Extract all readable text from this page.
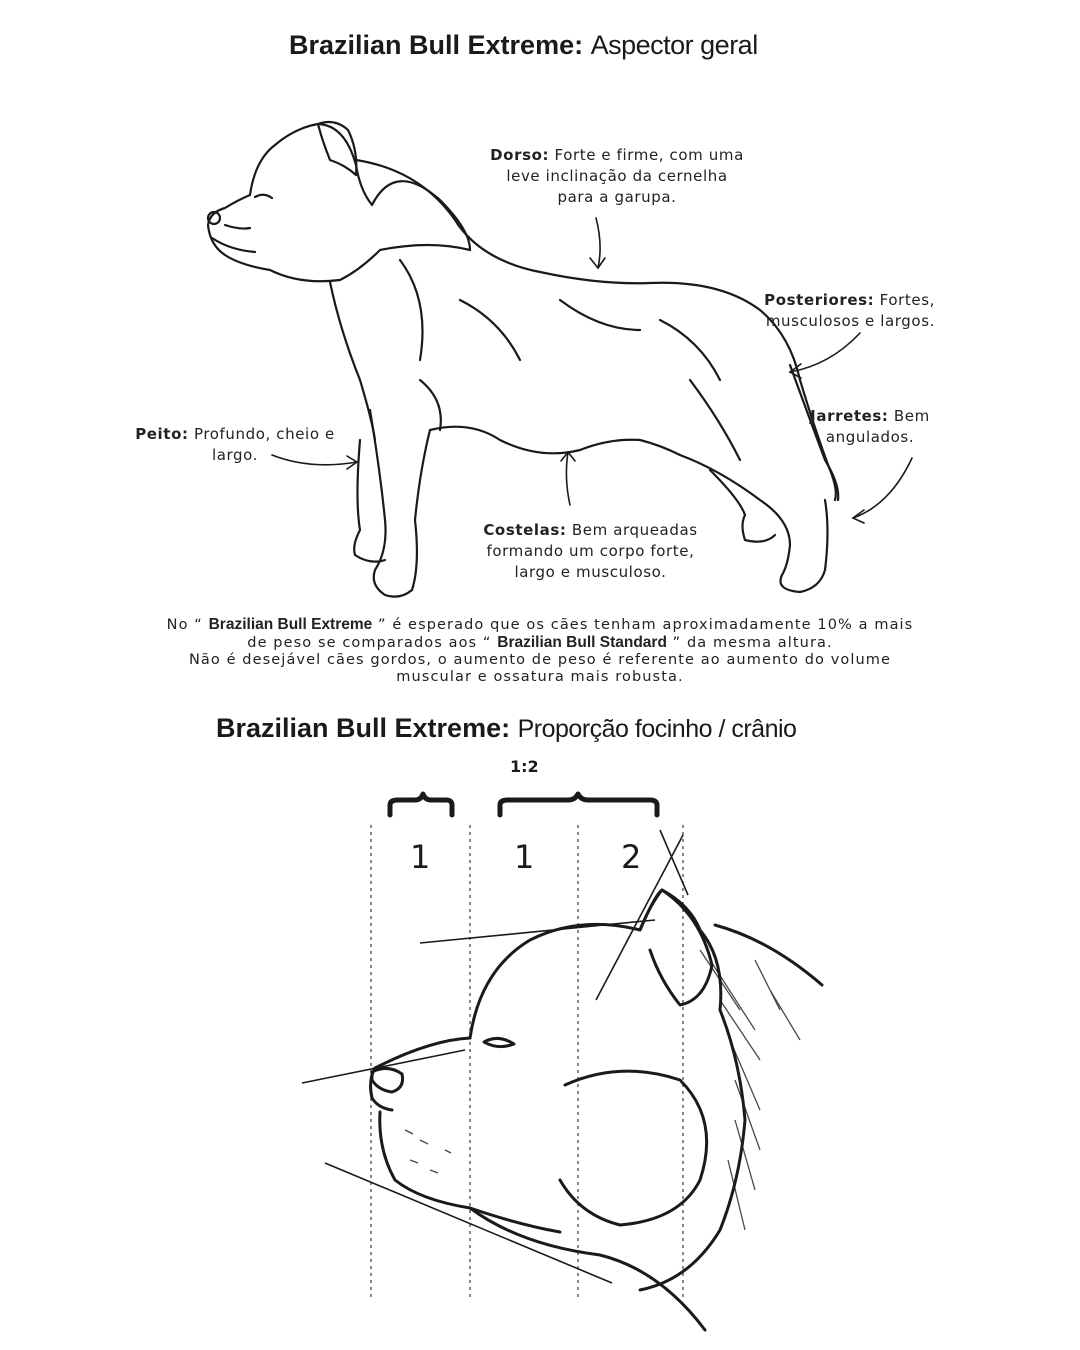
Brazilian Bull Extreme: Aspector geral
Brazilian Bull Extreme: Proporção focinho / crânio
Dorso: Forte e firme, com uma
leve inclinação da cernelha
para a garupa.
Posteriores: Fortes,
musculosos e largos.
Jarretes: Bem
angulados.
Peito: Profundo, cheio e
largo.
Costelas: Bem arqueadas
formando um corpo forte,
largo e musculoso.
No “ Brazilian Bull Extreme ” é esperado que os cães tenham aproximadamente 10% a mais
de peso se comparados aos “ Brazilian Bull Standard ” da mesma altura.
Não é desejável cães gordos, o aumento de peso é referente ao aumento do volume
muscular e ossatura mais robusta.
1:2
1	1	2
